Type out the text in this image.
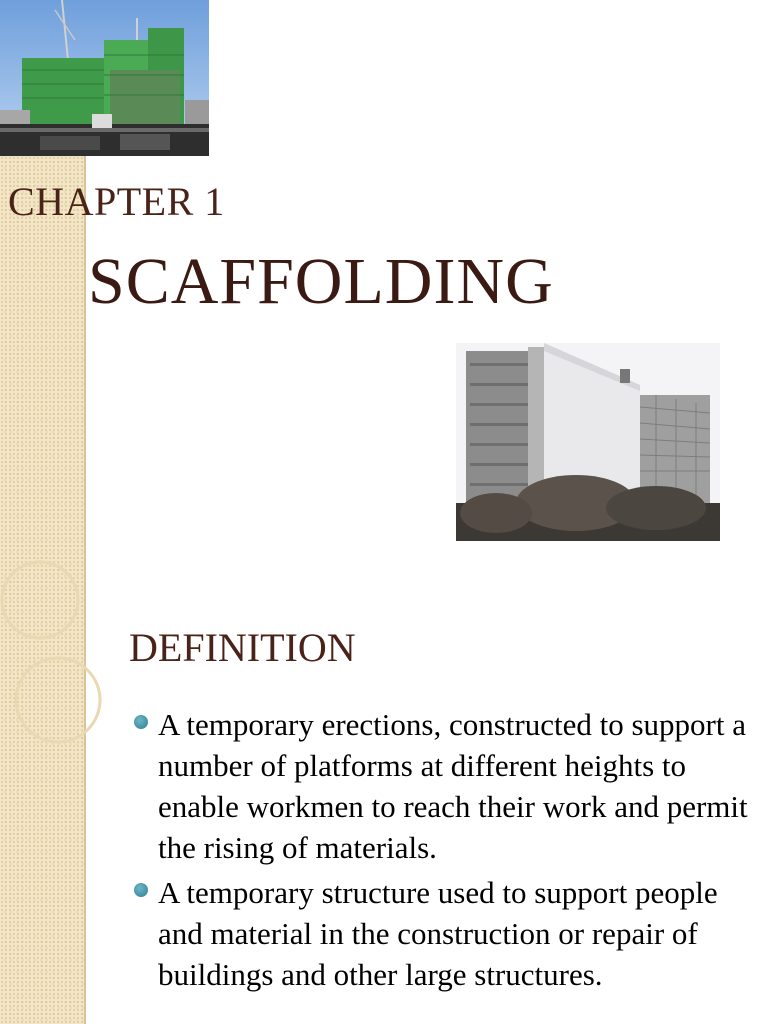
CHAPTER 1
SCAFFOLDING
DEFINITION
A temporary erections, constructed to support a number of platforms at different heights to enable workmen to reach their work and permit the rising of materials.
A temporary structure used to support people and material in the construction or repair of buildings and other large structures.
